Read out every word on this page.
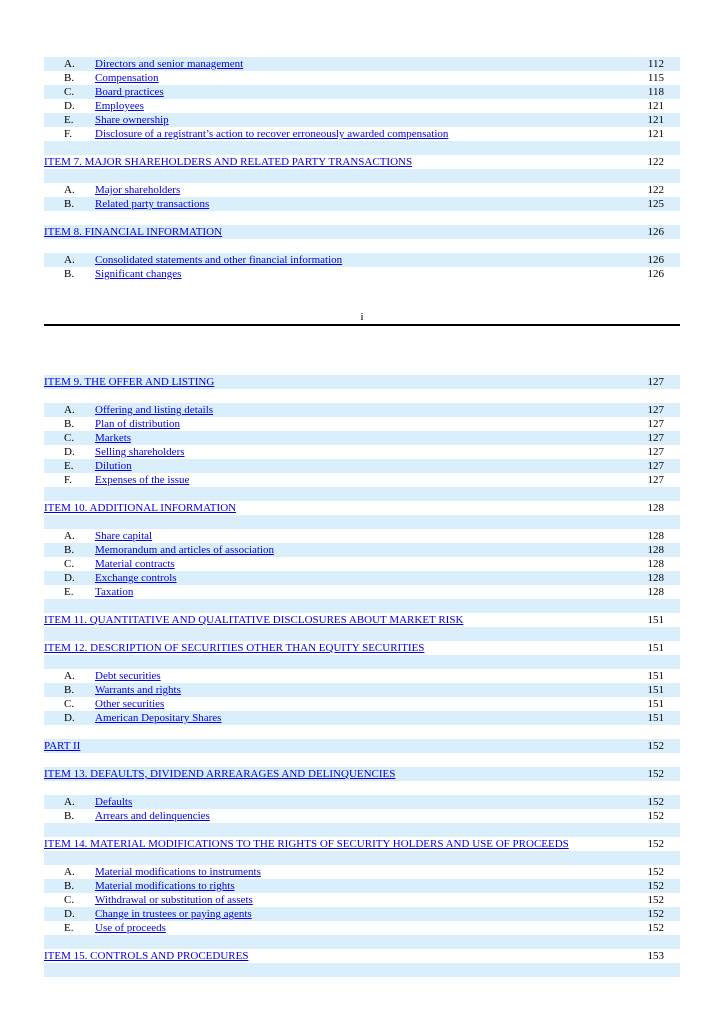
A.	Directors and senior management	112
B.	Compensation	115
C.	Board practices	118
D.	Employees	121
E.	Share ownership	121
F.	Disclosure of a registrant’s action to recover erroneously awarded compensation	121
ITEM 7. MAJOR SHAREHOLDERS AND RELATED PARTY TRANSACTIONS	122
A.	Major shareholders	122
B.	Related party transactions	125
ITEM 8. FINANCIAL INFORMATION	126
A.	Consolidated statements and other financial information	126
B.	Significant changes	126
i
ITEM 9. THE OFFER AND LISTING	127
A.	Offering and listing details	127
B.	Plan of distribution	127
C.	Markets	127
D.	Selling shareholders	127
E.	Dilution	127
F.	Expenses of the issue	127
ITEM 10. ADDITIONAL INFORMATION	128
A.	Share capital	128
B.	Memorandum and articles of association	128
C.	Material contracts	128
D.	Exchange controls	128
E.	Taxation	128
ITEM 11. QUANTITATIVE AND QUALITATIVE DISCLOSURES ABOUT MARKET RISK	151
ITEM 12. DESCRIPTION OF SECURITIES OTHER THAN EQUITY SECURITIES	151
A.	Debt securities	151
B.	Warrants and rights	151
C.	Other securities	151
D.	American Depositary Shares	151
PART II	152
ITEM 13. DEFAULTS, DIVIDEND ARREARAGES AND DELINQUENCIES	152
A.	Defaults	152
B.	Arrears and delinquencies	152
ITEM 14. MATERIAL MODIFICATIONS TO THE RIGHTS OF SECURITY HOLDERS AND USE OF PROCEEDS	152
A.	Material modifications to instruments	152
B.	Material modifications to rights	152
C.	Withdrawal or substitution of assets	152
D.	Change in trustees or paying agents	152
E.	Use of proceeds	152
ITEM 15. CONTROLS AND PROCEDURES	153
